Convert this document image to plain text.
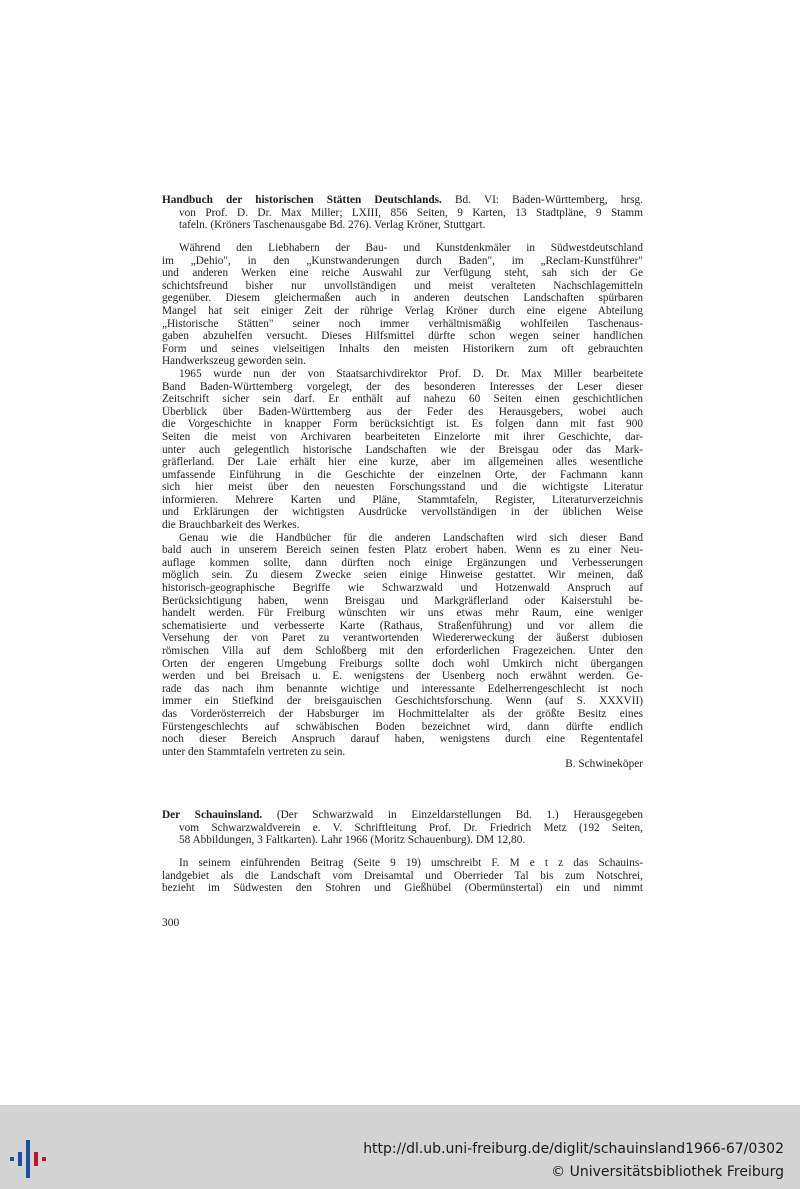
Handbuch der historischen Stätten Deutschlands. Bd. VI: Baden-Württemberg, hrsg.

von Prof. D. Dr. Max Miller; LXIII, 856 Seiten, 9 Karten, 13 Stadtpläne, 9 Stamm

tafeln. (Kröners Taschenausgabe Bd. 276). Verlag Kröner, Stuttgart.

Während den Liebhabern der Bau- und Kunstdenkmäler in Südwestdeutschland

im „Dehio", in den „Kunstwanderungen durch Baden", im „Reclam-Kunstführer"

und anderen Werken eine reiche Auswahl zur Verfügung steht, sah sich der Ge

schichtsfreund bisher nur unvollständigen und meist veralteten Nachschlagemitteln

gegenüber. Diesem gleichermaßen auch in anderen deutschen Landschaften spürbaren

Mangel hat seit einiger Zeit der rührige Verlag Kröner durch eine eigene Abteilung

„Historische Stätten" seiner noch immer verhältnismäßig wohlfeilen Taschenaus-

gaben abzuhelfen versucht. Dieses Hilfsmittel dürfte schon wegen seiner handlichen

Form und seines vielseitigen Inhalts den meisten Historikern zum oft gebrauchten

Handwerkszeug geworden sein.

1965 wurde nun der von Staatsarchivdirektor Prof. D. Dr. Max Miller bearbeitete

Band Baden-Württemberg vorgelegt, der des besonderen Interesses der Leser dieser

Zeitschrift sicher sein darf. Er enthält auf nahezu 60 Seiten einen geschichtlichen

Überblick über Baden-Württemberg aus der Feder des Herausgebers, wobei auch

die Vorgeschichte in knapper Form berücksichtigt ist. Es folgen dann mit fast 900

Seiten die meist von Archivaren bearbeiteten Einzelorte mit ihrer Geschichte, dar-

unter auch gelegentlich historische Landschaften wie der Breisgau oder das Mark-

gräflerland. Der Laie erhält hier eine kurze, aber im allgemeinen alles wesentliche

umfassende Einführung in die Geschichte der einzelnen Orte, der Fachmann kann

sich hier meist über den neuesten Forschungsstand und die wichtigste Literatur

informieren. Mehrere Karten und Pläne, Stammtafeln, Register, Literaturverzeichnis

und Erklärungen der wichtigsten Ausdrücke vervollständigen in der üblichen Weise

die Brauchbarkeit des Werkes.

Genau wie die Handbücher für die anderen Landschaften wird sich dieser Band

bald auch in unserem Bereich seinen festen Platz erobert haben. Wenn es zu einer Neu-

auflage kommen sollte, dann dürften noch einige Ergänzungen und Verbesserungen

möglich sein. Zu diesem Zwecke seien einige Hinweise gestattet. Wir meinen, daß

historisch-geographische Begriffe wie Schwarzwald und Hotzenwald Anspruch auf

Berücksichtigung haben, wenn Breisgau und Markgräflerland oder Kaiserstuhl be-

handelt werden. Für Freiburg wünschten wir uns etwas mehr Raum, eine weniger

schematisierte und verbesserte Karte (Rathaus, Straßenführung) und vor allem die

Versehung der von Paret zu verantwortenden Wiedererweckung der äußerst dubiosen

römischen Villa auf dem Schloßberg mit den erforderlichen Fragezeichen. Unter den

Orten der engeren Umgebung Freiburgs sollte doch wohl Umkirch nicht übergangen

werden und bei Breisach u. E. wenigstens der Usenberg noch erwähnt werden. Ge-

rade das nach ihm benannte wichtige und interessante Edelherrengeschlecht ist noch

immer ein Stiefkind der breisgauischen Geschichtsforschung. Wenn (auf S. XXXVII)

das Vorderösterreich der Habsburger im Hochmittelalter als der größte Besitz eines

Fürstengeschlechts auf schwäbischen Boden bezeichnet wird, dann dürfte endlich

noch dieser Bereich Anspruch darauf haben, wenigstens durch eine Regententafel

unter den Stammtafeln vertreten zu sein.

B. Schwineköper

Der Schauinsland. (Der Schwarzwald in Einzeldarstellungen Bd. 1.) Herausgegeben

vom Schwarzwaldverein e. V. Schriftleitung Prof. Dr. Friedrich Metz (192 Seiten,

58 Abbildungen, 3 Faltkarten). Lahr 1966 (Moritz Schauenburg). DM 12,80.

In seinem einführenden Beitrag (Seite 9 19) umschreibt F. M e t z das Schauins-

landgebiet als die Landschaft vom Dreisamtal und Oberrieder Tal bis zum Notschrei,

bezieht im Südwesten den Stohren und Gießhübel (Obermünstertal) ein und nimmt

300
http://dl.ub.uni-freiburg.de/diglit/schauinsland1966-67/0302
© Universitätsbibliothek Freiburg
